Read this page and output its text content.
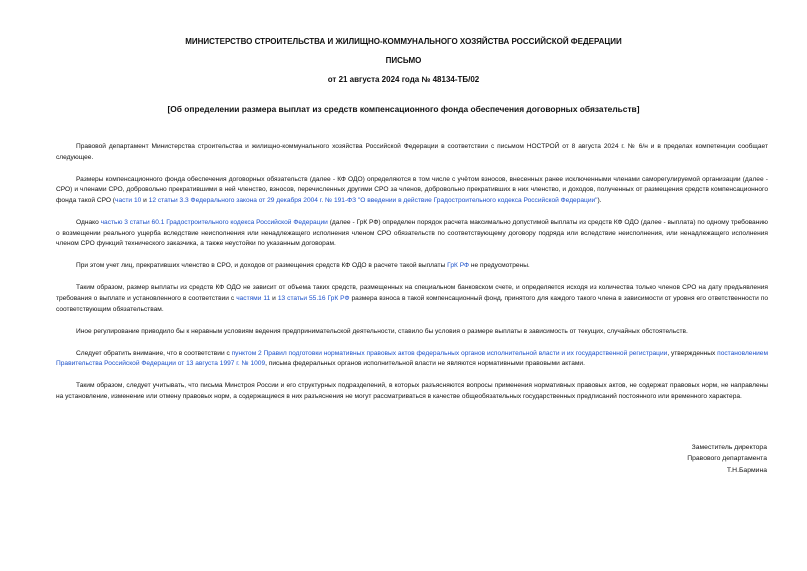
МИНИСТЕРСТВО СТРОИТЕЛЬСТВА И ЖИЛИЩНО-КОММУНАЛЬНОГО ХОЗЯЙСТВА РОССИЙСКОЙ ФЕДЕРАЦИИ
ПИСЬМО
от 21 августа 2024 года № 48134-ТБ/02
[Об определении размера выплат из средств компенсационного фонда обеспечения договорных обязательств]

Правовой департамент Министерства строительства и жилищно-коммунального хозяйства Российской Федерации в соответствии с письмом НОСТРОЙ от 8 августа 2024 г. № 6/н и в пределах компетенции сообщает следующее.

Размеры компенсационного фонда обеспечения договорных обязательств (далее - КФ ОДО) определяются в том числе с учётом взносов, внесенных ранее исключенными членами саморегулируемой организации (далее - СРО) и членами СРО, добровольно прекратившими в ней членство, взносов, перечисленных другими СРО за членов, добровольно прекративших в них членство, и доходов, полученных от размещения средств компенсационного фонда такой СРО (части 10 и 12 статьи 3.3 Федерального закона от 29 декабря 2004 г. № 191-ФЗ "О введении в действие Градостроительного кодекса Российской Федерации").

Однако частью 3 статьи 60.1 Градостроительного кодекса Российской Федерации (далее - ГрК РФ) определен порядок расчета максимально допустимой выплаты из средств КФ ОДО (далее - выплата) по одному требованию о возмещении реального ущерба вследствие неисполнения или ненадлежащего исполнения членом СРО обязательств по соответствующему договору подряда или вследствие неисполнения, или ненадлежащего исполнения членом СРО функций технического заказчика, а также неустойки по указанным договорам.

При этом учет лиц, прекративших членство в СРО, и доходов от размещения средств КФ ОДО в расчете такой выплаты ГрК РФ не предусмотрены.

Таким образом, размер выплаты из средств КФ ОДО не зависит от объема таких средств, размещенных на специальном банковском счете, и определяется исходя из количества только членов СРО на дату предъявления требования о выплате и установленного в соответствии с частями 11 и 13 статьи 55.16 ГрК РФ размера взноса в такой компенсационный фонд, принятого для каждого такого члена в зависимости от уровня его ответственности по соответствующим обязательствам.

Иное регулирование приводило бы к неравным условиям ведения предпринимательской деятельности, ставило бы условия о размере выплаты в зависимость от текущих, случайных обстоятельств.

Следует обратить внимание, что в соответствии с пунктом 2 Правил подготовки нормативных правовых актов федеральных органов исполнительной власти и их государственной регистрации, утвержденных постановлением Правительства Российской Федерации от 13 августа 1997 г. № 1009, письма федеральных органов исполнительной власти не являются нормативными правовыми актами.

Таким образом, следует учитывать, что письма Минстроя России и его структурных подразделений, в которых разъясняются вопросы применения нормативных правовых актов, не содержат правовых норм, не направлены на установление, изменение или отмену правовых норм, а содержащиеся в них разъяснения не могут рассматриваться в качестве общеобязательных государственных предписаний постоянного или временного характера.

Заместитель директора
Правового департамента
Т.Н.Бармина
